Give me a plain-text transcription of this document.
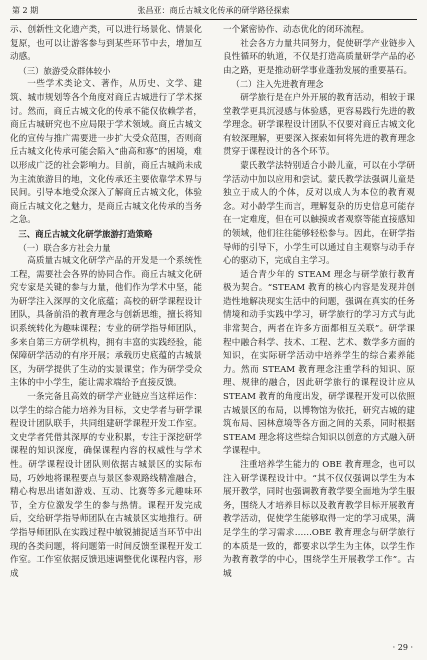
第 2 期	张昌亚：商丘古城文化传承的研学路径探索

示、创新性文化遗产类，可以进行场景化、情景化复原，也可以让游客参与到某些环节中去，增加互动感。

（三）旅游受众群体较小

一些学术类论文、著作，从历史、文学、建筑、城市规划等各个角度对商丘古城进行了学术探讨。然而，商丘古城文化的传承不能仅依赖学者，商丘古城研究也不应局限于学术领域。商丘古城文化的宣传与推广需要进一步扩大受众范围，否则商丘古城文化传承可能会陷入“曲高和寡”的困境，难以形成广泛的社会影响力。目前，商丘古城尚未成为主流旅游目的地，文化传承还主要依靠学术界与民间。引导本地受众深入了解商丘古城文化，体验商丘古城文化之魅力，是商丘古城文化传承的当务之急。

三、商丘古城文化研学旅游打造策略

（一）联合多方社会力量

高质量古城文化研学产品的开发是一个系统性工程，需要社会各界的协同合作。商丘古城文化研究专家是关键的参与力量，他们作为学术中坚，能为研学注入深厚的文化底蕴；高校的研学课程设计团队，具备前沿的教育理念与创新思维，擅长将知识系统转化为趣味课程；专业的研学指导师团队，多来自第三方研学机构，拥有丰富的实践经验，能保障研学活动的有序开展；承载历史底蕴的古城景区，为研学提供了生动的实景课堂；作为研学受众主体的中小学生，能让需求端给予直接反馈。

一条完备且高效的研学产业链应当这样运作：以学生的综合能力培养为目标，文史学者与研学课程设计团队联手，共同组建研学课程开发工作室。文史学者凭借其深厚的专业积累，专注于深挖研学课程的知识深度，确保课程内容的权威性与学术性。研学课程设计团队则依据古城景区的实际布局，巧妙地将课程要点与景区参观路线精准融合，精心构思出诸如游戏、互动、比赛等多元趣味环节，全方位激发学生的参与热情。课程开发完成后，交给研学指导师团队在古城景区实地推行。研学指导师团队在实践过程中敏锐捕捉适当环节中出现的各类问题，将问题第一时间反馈至课程开发工作室。工作室依据反馈迅速调整优化课程内容，形成

一个紧密协作、动态优化的闭环流程。

社会各方力量共同努力，促使研学产业链步入良性循环的轨道，不仅是打造高质量研学产品的必由之路，更是推动研学事业蓬勃发展的重要基石。

（二）注入先进教育理念

研学旅行是在户外开展的教育活动，相较于课堂教学更具沉浸感与体验感，更容易践行先进的教学理念。研学课程设计团队不仅要对商丘古城文化有较深理解，更要深入探索如何将先进的教育理念贯穿于课程设计的各个环节。

蒙氏教学法特别适合小龄儿童，可以在小学研学活动中加以应用和尝试。蒙氏教学法强调儿童是独立于成人的个体，反对以成人为本位的教育观念。对小龄学生而言，理解复杂的历史信息可能存在一定难度，但在可以触摸或者观察等能直接感知的领域，他们往往能够轻松参与。因此，在研学指导师的引导下，小学生可以通过自主观察与动手存心的驱动下，完成自主学习。

适合青少年的 STEAM 理念与研学旅行教育极为契合。“STEAM 教育的核心内容是发现并创造性地解决现实生活中的问题，强调在真实的任务情境和动手实践中学习，研学旅行的学习方式与此非常契合，两者在许多方面都相互关联”。研学课程中融合科学、技术、工程、艺术、数学多方面的知识，在实际研学活动中培养学生的综合素养能力。然而 STEAM 教育理念注重学科的知识、原理、规律的融合，因此研学旅行的课程设计应从 STEAM 教育的角度出发，研学课程开发可以依照古城景区的布局，以博物馆为依托，研究古城的建筑布局、园林意境等各方面之间的关系，同时根据 STEAM 理念将这些综合知识以创意的方式融入研学课程中。

注重培养学生能力的 OBE 教育理念，也可以注入研学课程设计中。“其不仅仅强调以学生为本展开教学，同时也强调教育教学要全面地为学生服务，围绕人才培养目标以及教育教学目标开展教育教学活动，促使学生能够取得一定的学习成果，满足学生的学习需求……OBE 教育理念与研学旅行的本质是一致的，都要求以学生为主体，以学生作为教育教学的中心，围绕学生开展教学工作”。古城

· 29 ·
